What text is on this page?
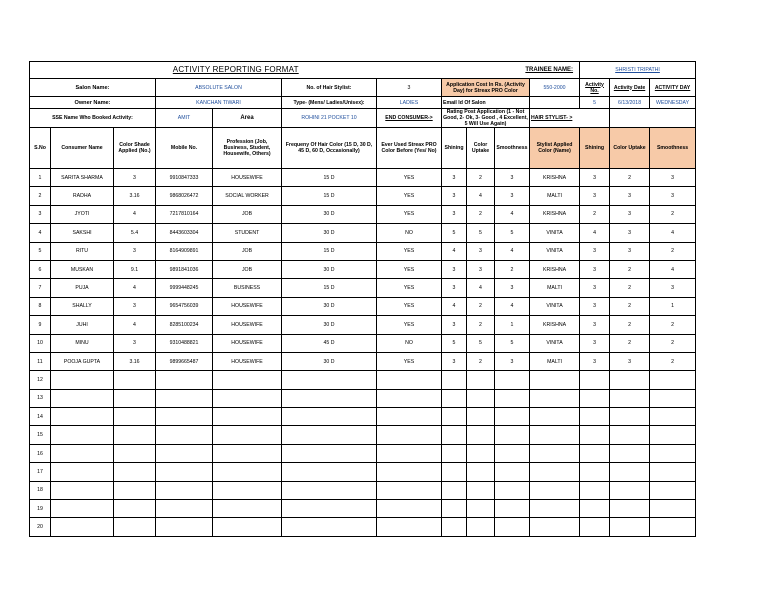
ACTIVITY REPORTING FORMAT							TRAINEE NAME:				SHRISTI TRIPATHI		
Salon Name:			ABSOLUTE SALON		No. of Hair Stylist:	3	Application Cost In Rs. (Activity Day) for Streax PRO Color			550-2000	Activity No.	Activity Date	ACTIVITY DAY
Owner Name:			KANCHAN TIWARI		Type- (Mens/ Ladies/Unisex):	LADIES	Email Id Of Salon				5	6/13/2018	WEDNESDAY
SSE Name Who Booked Activity:			AMIT	Area	ROHINI 21 POCKET 10	END CONSUMER->	Rating Post Application (1 - Not Good, 2- Ok, 3- Good , 4 Excellent, 5 Will Use Again)			HAIR STYLIST- >			
S.No	Consumer Name	Color Shade Applied (No.)	Mobile No.	Profession (Job, Business, Student, Housewife, Others)	Frequeny Of Hair Color (15 D, 30 D, 45 D, 60 D, Occasionally)	Ever Used Streax PRO Color Before (Yes/ No)	Shining	Color Uptake	Smoothness	Stylist Applied Color (Name)	Shining	Color Uptake	Smoothness
1	SARITA SHARMA	3	9910847333	HOUSEWIFE	15 D	YES	3	2	3	KRISHNA	3	2	3
2	RADHA	3.16	9868026472	SOCIAL WORKER	15 D	YES	3	4	3	MALTI	3	3	3
3	JYOTI	4	7217810164	JOB	30 D	YES	3	2	4	KRISHNA	2	3	2
4	SAKSHI	5.4	8443603304	STUDENT	30 D	NO	5	5	5	VINITA	4	3	4
5	RITU	3	8164909891	JOB	15 D	YES	4	3	4	VINITA	3	3	2
6	MUSKAN	9.1	9891841036	JOB	30 D	YES	3	3	2	KRISHNA	3	2	4
7	PUJA	4	9999448245	BUSINESS	15 D	YES	3	4	3	MALTI	3	2	3
8	SHALLY	3	9654756039	HOUSEWIFE	30 D	YES	4	2	4	VINITA	3	2	1
9	JUHI	4	8285100234	HOUSEWIFE	30 D	YES	3	2	1	KRISHNA	3	2	2
10	MINU	3	9310488821	HOUSEWIFE	45 D	NO	5	5	5	VINITA	3	2	2
11	POOJA GUPTA	3.16	9899665487	HOUSEWIFE	30 D	YES	3	2	3	MALTI	3	3	2
12													
13													
14													
15													
16													
17													
18													
19													
20													
